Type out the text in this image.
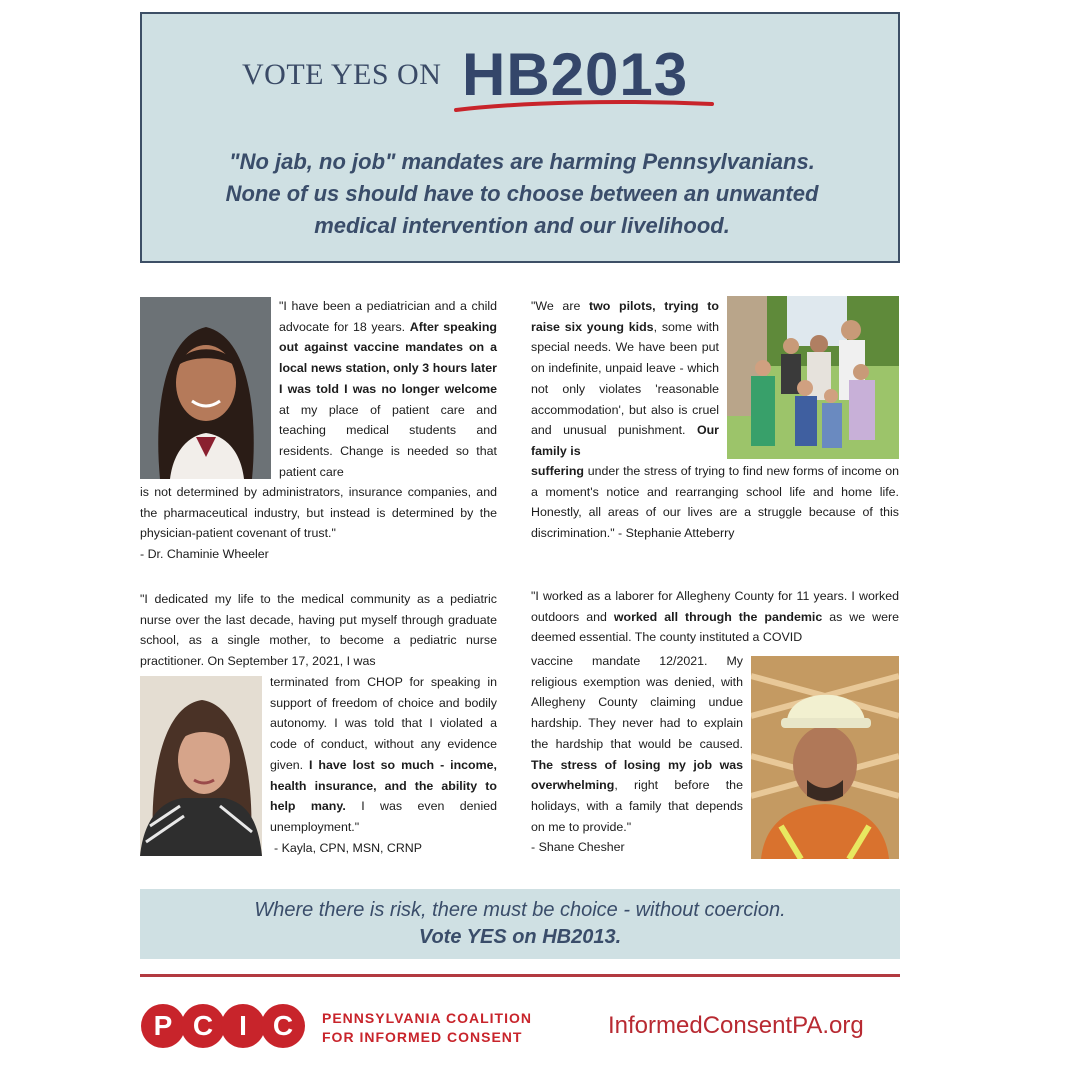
VOTE YES ON HB2013
"No jab, no job" mandates are harming Pennsylvanians.
None of us should have to choose between an unwanted
medical intervention and our livelihood.
"I have been a pediatrician and a child advocate for 18 years. After speaking out against vaccine mandates on a local news station, only 3 hours later I was told I was no longer welcome at my place of patient care and teaching medical students and residents. Change is needed so that patient care
is not determined by administrators, insurance companies, and the pharmaceutical industry, but instead is determined by the physician-patient covenant of trust."
- Dr. Chaminie Wheeler
"We are two pilots, trying to raise six young kids, some with special needs. We have been put on indefinite, unpaid leave - which not only violates 'reasonable accommodation', but also is cruel and unusual punishment. Our family is
suffering under the stress of trying to find new forms of income on a moment's notice and rearranging school life and home life. Honestly, all areas of our lives are a struggle because of this discrimination." - Stephanie Atteberry
"I dedicated my life to the medical community as a pediatric nurse over the last decade, having put myself through graduate school, as a single mother, to become a pediatric nurse practitioner. On September 17, 2021, I was
terminated from CHOP for speaking in support of freedom of choice and bodily autonomy. I was told that I violated a code of conduct, without any evidence given. I have lost so much - income, health insurance, and the ability to help many. I was even denied unemployment."
- Kayla, CPN, MSN, CRNP
"I worked as a laborer for Allegheny County for 11 years. I worked outdoors and worked all through the pandemic as we were deemed essential. The county instituted a COVID
vaccine mandate 12/2021. My religious exemption was denied, with Allegheny County claiming undue hardship. They never had to explain the hardship that would be caused. The stress of losing my job was overwhelming, right before the holidays, with a family that depends on me to provide."
- Shane Chesher
Where there is risk, there must be choice - without coercion.
Vote YES on HB2013.
P C I C	PENNSYLVANIA COALITION
FOR INFORMED CONSENT	InformedConsentPA.org
